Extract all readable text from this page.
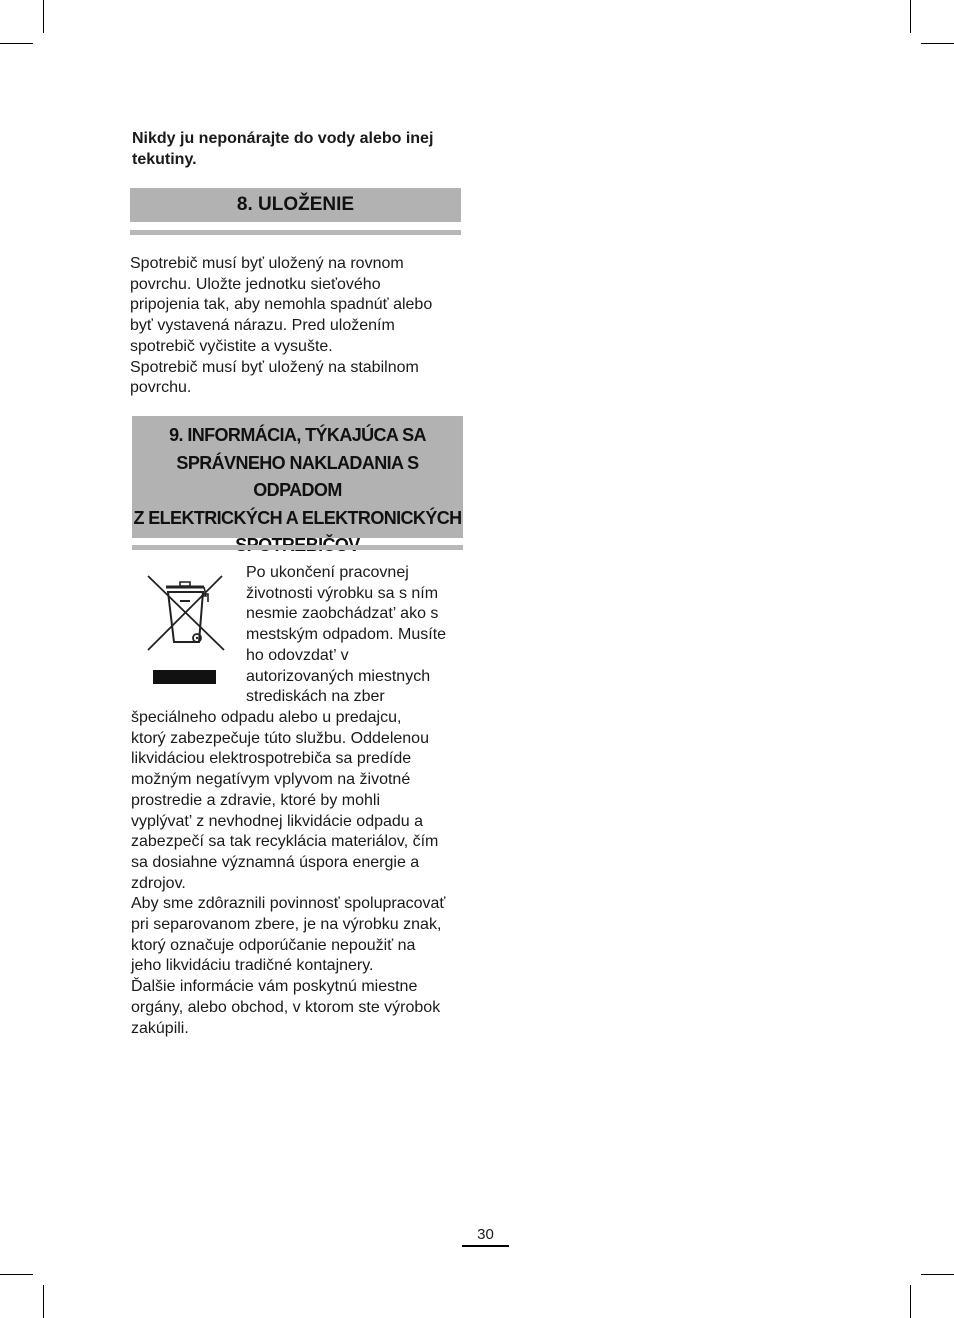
Nikdy ju neponárajte do vody alebo inej tekutiny.
8. ULOŽENIE
Spotrebič musí byť uložený na rovnom
povrchu. Uložte jednotku sieťového
pripojenia tak, aby nemohla spadnúť alebo
byť vystavená nárazu. Pred uložením
spotrebič vyčistite a vysušte.
Spotrebič musí byť uložený na stabilnom
povrchu.
9. INFORMÁCIA, TÝKAJÚCA SA
SPRÁVNEHO NAKLADANIA S ODPADOM
Z ELEKTRICKÝCH A ELEKTRONICKÝCH
Po ukončení pracovnej
životnosti výrobku sa s ním
nesmie zaobchádzat’ ako s
mestským odpadom. Musíte
ho odovzdat’ v
autorizovaných miestnych
strediskách na zber
špeciálneho odpadu alebo u predajcu,
ktorý zabezpečuje túto službu. Oddelenou
likvidáciou elektrospotrebiča sa predíde
možným negatívym vplyvom na životné
prostredie a zdravie, ktoré by mohli
vyplývat’ z nevhodnej likvidácie odpadu a
zabezpečí sa tak recyklácia materiálov, čím
sa dosiahne významná úspora energie a
zdrojov.
Aby sme zdôraznili povinnosť spolupracovať
pri separovanom zbere, je na výrobku znak,
ktorý označuje odporúčanie nepoužiť na
jeho likvidáciu tradičné kontajnery.
Ďalšie informácie vám poskytnú miestne
orgány, alebo obchod, v ktorom ste výrobok
zakúpili.
30
